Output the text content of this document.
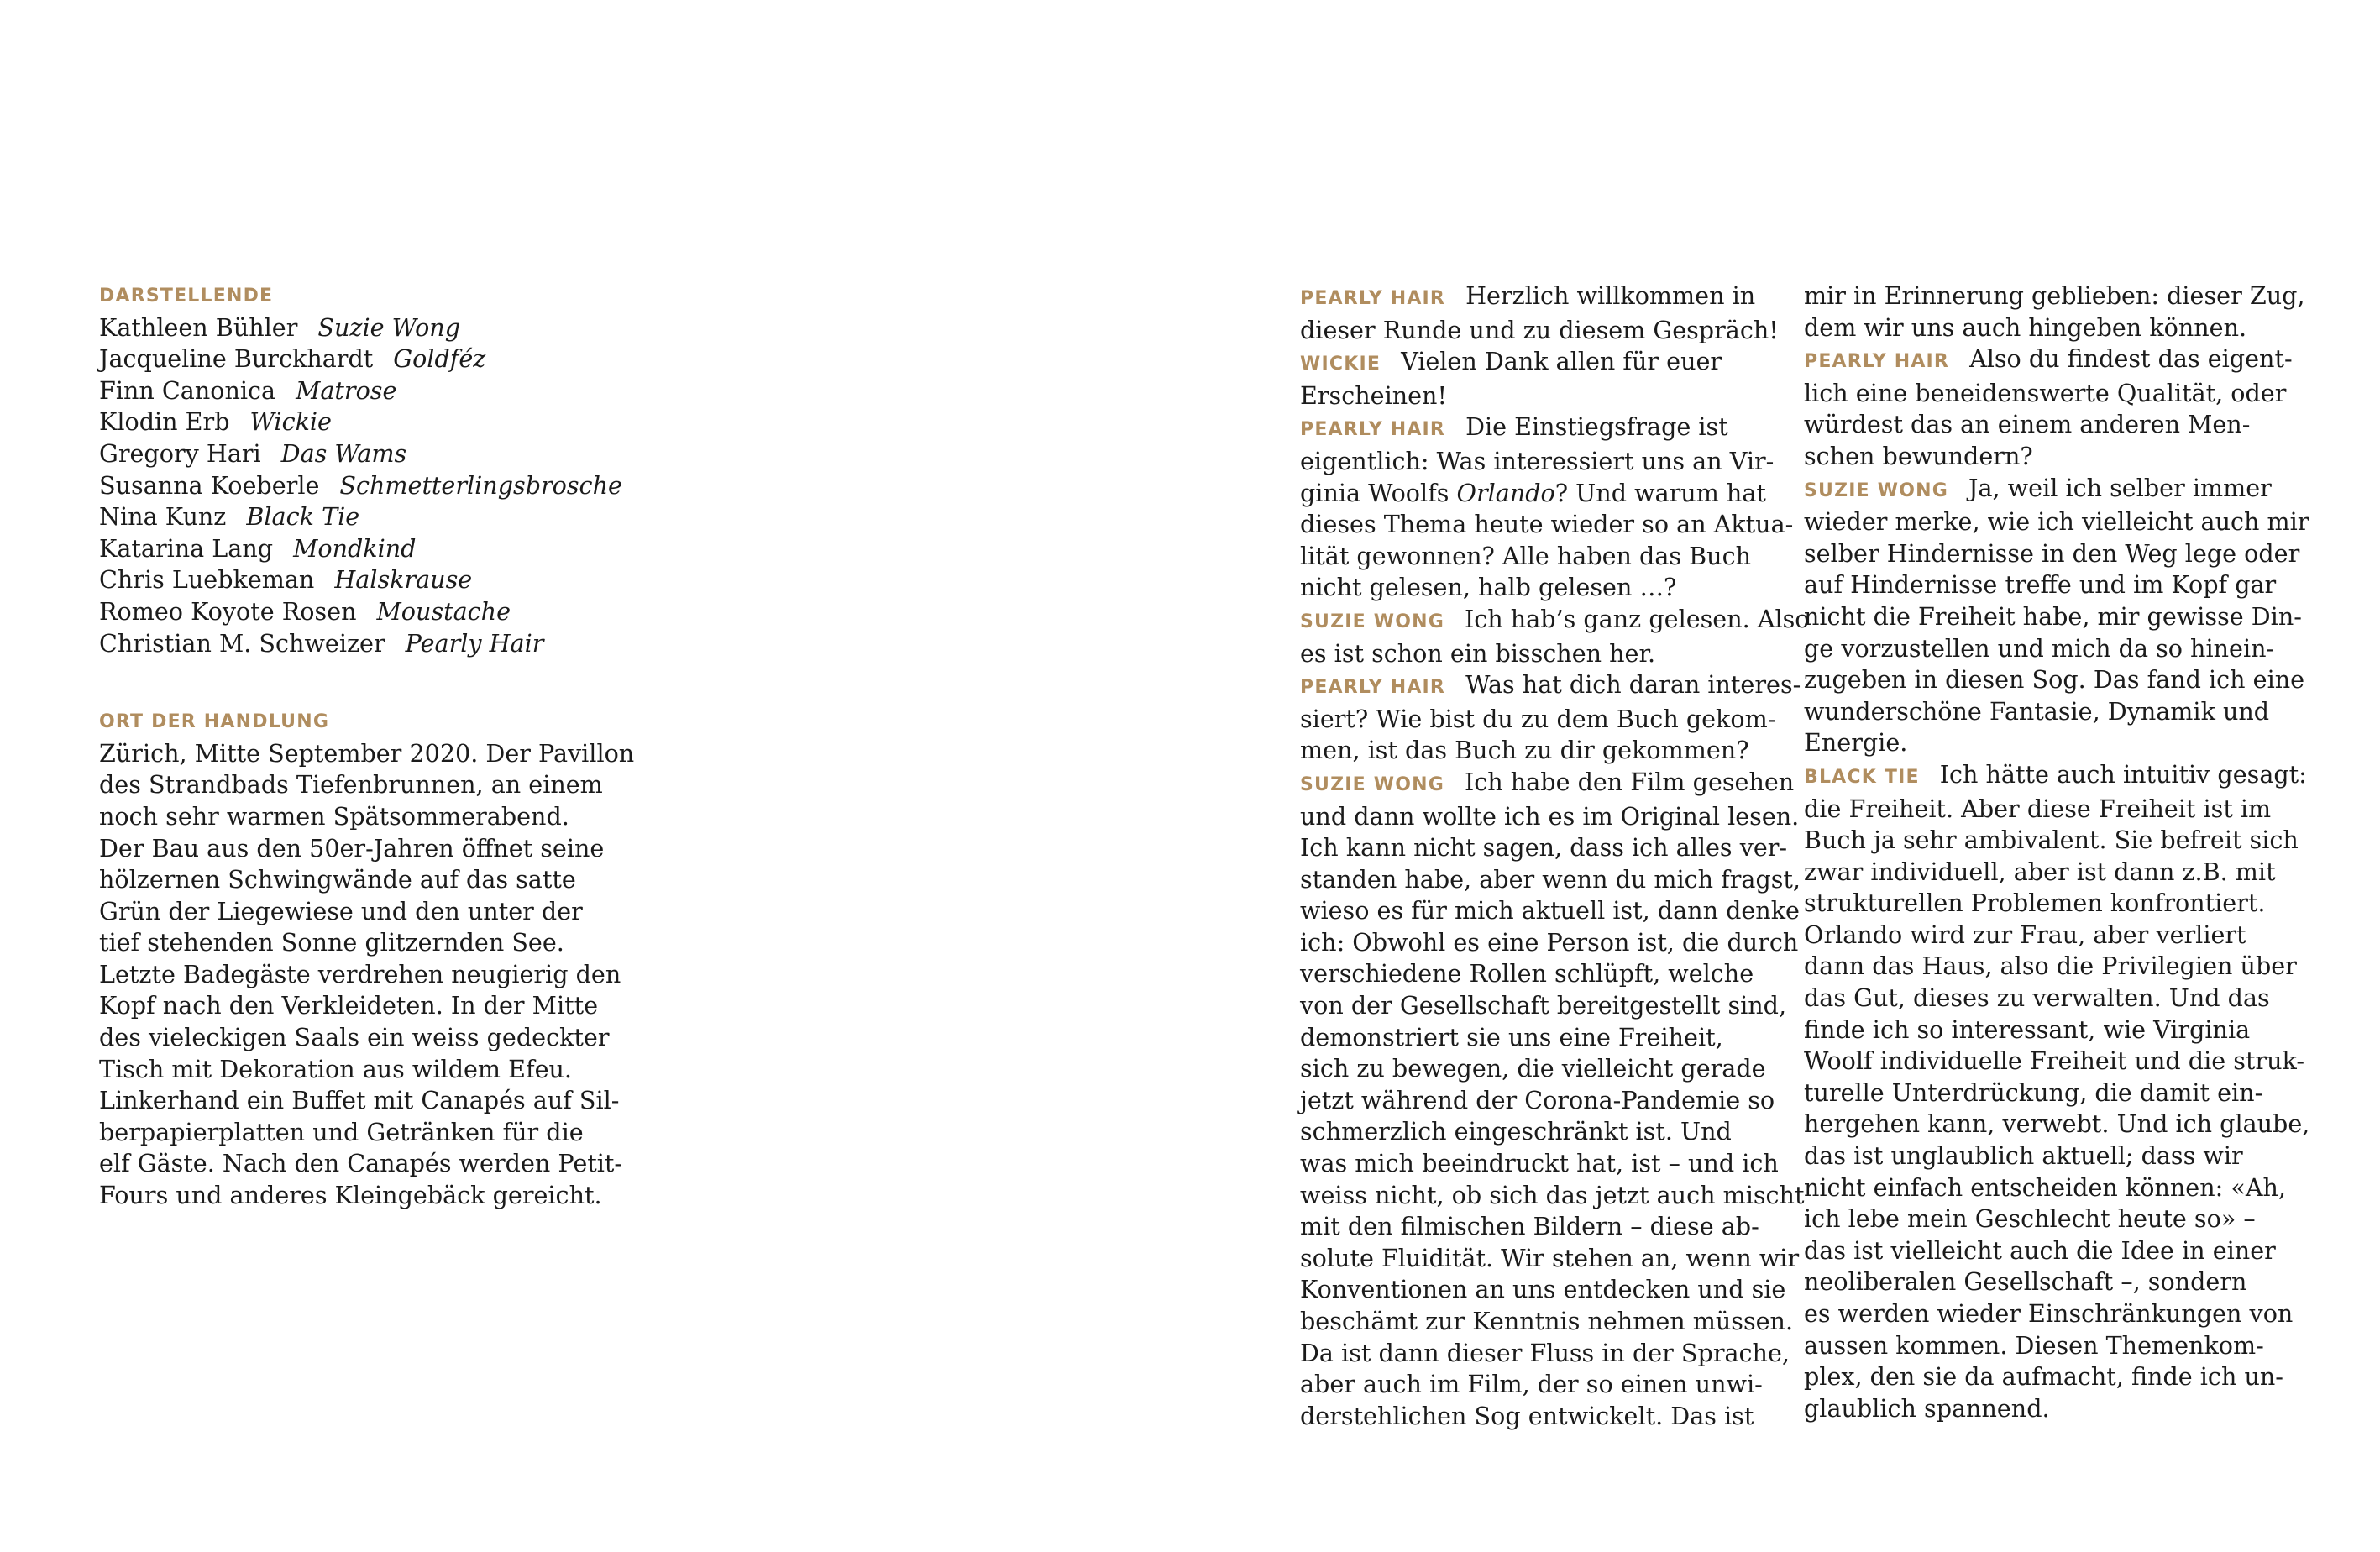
DARSTELLENDE
Kathleen Bühler Suzie Wong
Jacqueline Burckhardt Goldféz
Finn Canonica Matrose
Klodin Erb Wickie
Gregory Hari Das Wams
Susanna Koeberle Schmetterlingsbrosche
Nina Kunz Black Tie
Katarina Lang Mondkind
Chris Luebkeman Halskrause
Romeo Koyote Rosen Moustache
Christian M. Schweizer Pearly Hair
ORT DER HANDLUNG
Zürich, Mitte September 2020. Der Pavillon
des Strandbads Tiefenbrunnen, an einem
noch sehr warmen Spätsommerabend.
Der Bau aus den 50er-Jahren öffnet seine
hölzernen Schwingwände auf das satte
Grün der Liegewiese und den unter der
tief stehenden Sonne glitzernden See.
Letzte Badegäste verdrehen neugierig den
Kopf nach den Verkleideten. In der Mitte
des vieleckigen Saals ein weiss gedeckter
Tisch mit Dekoration aus wildem Efeu.
Linkerhand ein Buffet mit Canapés auf Sil-
berpapierplatten und Getränken für die
elf Gäste. Nach den Canapés werden Petit-
Fours und anderes Kleingebäck gereicht.
PEARLY HAIR Herzlich willkommen in
dieser Runde und zu diesem Gespräch!
WICKIE Vielen Dank allen für euer
Erscheinen!
PEARLY HAIR Die Einstiegsfrage ist
eigentlich: Was interessiert uns an Vir-
ginia Woolfs Orlando? Und warum hat
dieses Thema heute wieder so an Aktua-
lität gewonnen? Alle haben das Buch
nicht gelesen, halb gelesen …?
SUZIE WONG Ich hab’s ganz gelesen. Also
es ist schon ein bisschen her.
PEARLY HAIR Was hat dich daran interes-
siert? Wie bist du zu dem Buch gekom-
men, ist das Buch zu dir gekommen?
SUZIE WONG Ich habe den Film gesehen
und dann wollte ich es im Original lesen.
Ich kann nicht sagen, dass ich alles ver-
standen habe, aber wenn du mich fragst,
wieso es für mich aktuell ist, dann denke
ich: Obwohl es eine Person ist, die durch
verschiedene Rollen schlüpft, welche
von der Gesellschaft bereitgestellt sind,
demonstriert sie uns eine Freiheit,
sich zu bewegen, die vielleicht gerade
jetzt während der Corona-Pandemie so
schmerzlich eingeschränkt ist. Und
was mich beeindruckt hat, ist – und ich
weiss nicht, ob sich das jetzt auch mischt
mit den filmischen Bildern – diese ab-
solute Fluidität. Wir stehen an, wenn wir
Konventionen an uns entdecken und sie
beschämt zur Kenntnis nehmen müssen.
Da ist dann dieser Fluss in der Sprache,
aber auch im Film, der so einen unwi-
derstehlichen Sog entwickelt. Das ist
mir in Erinnerung geblieben: dieser Zug,
dem wir uns auch hingeben können.
PEARLY HAIR Also du findest das eigent-
lich eine beneidenswerte Qualität, oder
würdest das an einem anderen Men-
schen bewundern?
SUZIE WONG Ja, weil ich selber immer
wieder merke, wie ich vielleicht auch mir
selber Hindernisse in den Weg lege oder
auf Hindernisse treffe und im Kopf gar
nicht die Freiheit habe, mir gewisse Din-
ge vorzustellen und mich da so hinein-
zugeben in diesen Sog. Das fand ich eine
wunderschöne Fantasie, Dynamik und
Energie.
BLACK TIE Ich hätte auch intuitiv gesagt:
die Freiheit. Aber diese Freiheit ist im
Buch ja sehr ambivalent. Sie befreit sich
zwar individuell, aber ist dann z.B. mit
strukturellen Problemen konfrontiert.
Orlando wird zur Frau, aber verliert
dann das Haus, also die Privilegien über
das Gut, dieses zu verwalten. Und das
finde ich so interessant, wie Virginia
Woolf individuelle Freiheit und die struk-
turelle Unterdrückung, die damit ein-
hergehen kann, verwebt. Und ich glaube,
das ist unglaublich aktuell; dass wir
nicht einfach entscheiden können: «Ah,
ich lebe mein Geschlecht heute so» –
das ist vielleicht auch die Idee in einer
neoliberalen Gesellschaft –, sondern
es werden wieder Einschränkungen von
aussen kommen. Diesen Themenkom-
plex, den sie da aufmacht, finde ich un-
glaublich spannend.
